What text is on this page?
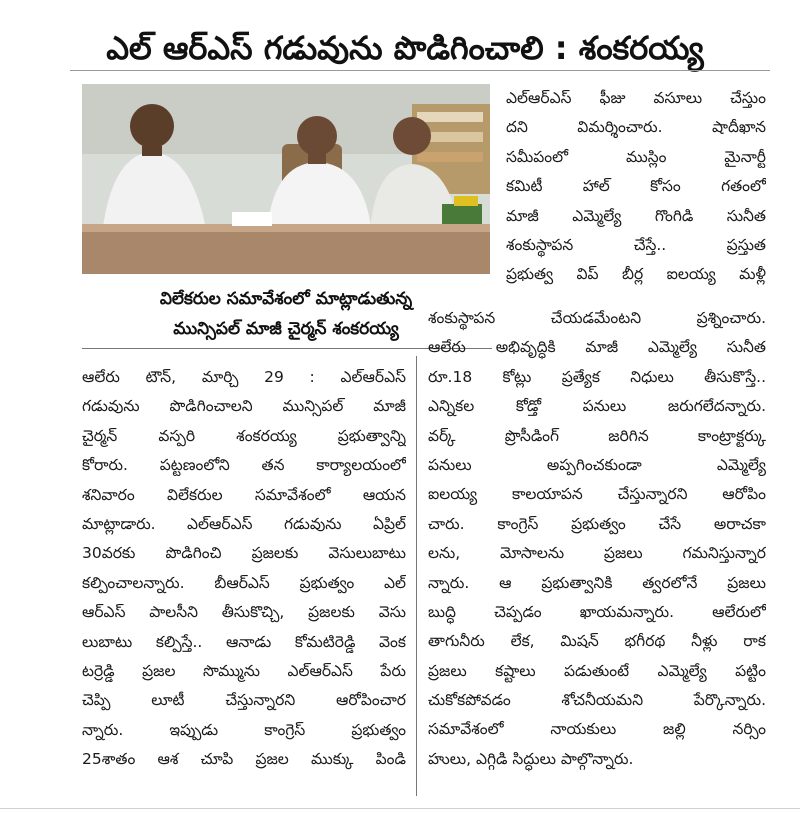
ఎల్ ఆర్ఎస్ గడువును పొడిగించాలి : శంకరయ్య
విలేకరుల సమావేశంలో మాట్లాడుతున్న
మున్సిపల్ మాజీ చైర్మన్ శంకరయ్య
ఎల్ఆర్ఎస్ ఫీజు వసూలు చేస్తుం
దని విమర్శించారు. షాదీఖాన
సమీపంలో ముస్లిం మైనార్టీ
కమిటీ హాల్ కోసం గతంలో
మాజీ ఎమ్మెల్యే గొంగిడి సునీత
శంకుస్థాపన చేస్తే.. ప్రస్తుత
ప్రభుత్వ విప్ బీర్ల ఐలయ్య మళ్లీ
శంకుస్థాపన చేయడమేంటని ప్రశ్నించారు.
ఆలేరు అభివృద్ధికి మాజీ ఎమ్మెల్యే సునీత
రూ.18 కోట్లు ప్రత్యేక నిధులు తీసుకొస్తే..
ఎన్నికల కోడ్తో పనులు జరుగలేదన్నారు.
వర్క్ ప్రొసీడింగ్ జరిగిన కాంట్రాక్టర్కు
పనులు అప్పగించకుండా ఎమ్మెల్యే
ఐలయ్య కాలయాపన చేస్తున్నారని ఆరోపిం
చారు. కాంగ్రెస్ ప్రభుత్వం చేసే అరాచకా
లను, మోసాలను ప్రజలు గమనిస్తున్నార
న్నారు. ఆ ప్రభుత్వానికి త్వరలోనే ప్రజలు
బుద్ధి చెప్పడం ఖాయమన్నారు. ఆలేరులో
తాగునీరు లేక, మిషన్ భగీరథ నీళ్లు రాక
ప్రజలు కష్టాలు పడుతుంటే ఎమ్మెల్యే పట్టిం
చుకోకపోవడం శోచనీయమని పేర్కొన్నారు.
సమావేశంలో నాయకులు జల్లి నర్సిం
హులు, ఎగ్గిడి సిద్ధులు పాల్గొన్నారు.
ఆలేరు టౌన్, మార్చి 29 : ఎల్ఆర్ఎస్
గడువును పొడిగించాలని మున్సిపల్ మాజీ
చైర్మన్ వస్పరి శంకరయ్య ప్రభుత్వాన్ని
కోరారు. పట్టణంలోని తన కార్యాలయంలో
శనివారం విలేకరుల సమావేశంలో ఆయన
మాట్లాడారు. ఎల్ఆర్ఎస్ గడువును ఏప్రిల్
30వరకు పొడిగించి ప్రజలకు వెసులుబాటు
కల్పించాలన్నారు. బీఆర్ఎస్ ప్రభుత్వం ఎల్
ఆర్ఎస్ పాలసీని తీసుకొచ్చి, ప్రజలకు వెసు
లుబాటు కల్పిస్తే.. ఆనాడు కోమటిరెడ్డి వెంక
టర్రెడ్డి ప్రజల సొమ్మును ఎల్ఆర్ఎస్ పేరు
చెప్పి లూటీ చేస్తున్నారని ఆరోపించార
న్నారు. ఇప్పుడు కాంగ్రెస్ ప్రభుత్వం
25శాతం ఆశ చూపి ప్రజల ముక్కు పిండి
